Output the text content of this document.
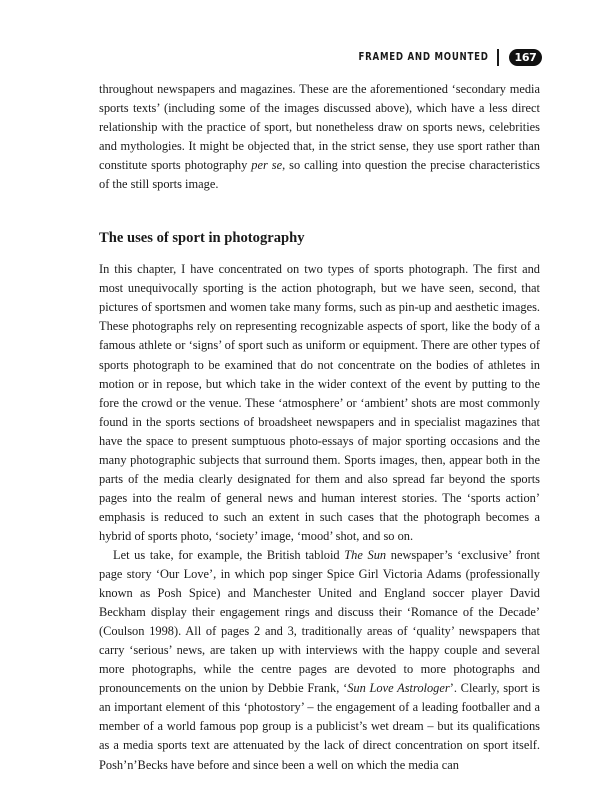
FRAMED AND MOUNTED	167

throughout newspapers and magazines. These are the aforementioned ‘secondary media sports texts’ (including some of the images discussed above), which have a less direct relationship with the practice of sport, but nonetheless draw on sports news, celebrities and mythologies. It might be objected that, in the strict sense, they use sport rather than constitute sports photography per se, so calling into question the precise characteristics of the still sports image.

The uses of sport in photography

In this chapter, I have concentrated on two types of sports photograph. The first and most unequivocally sporting is the action photograph, but we have seen, second, that pictures of sportsmen and women take many forms, such as pin-up and aesthetic images. These photographs rely on representing recognizable aspects of sport, like the body of a famous athlete or ‘signs’ of sport such as uniform or equipment. There are other types of sports photograph to be examined that do not concentrate on the bodies of athletes in motion or in repose, but which take in the wider context of the event by putting to the fore the crowd or the venue. These ‘atmosphere’ or ‘ambient’ shots are most commonly found in the sports sections of broadsheet newspapers and in specialist magazines that have the space to present sumptuous photo-essays of major sporting occasions and the many photographic subjects that surround them. Sports images, then, appear both in the parts of the media clearly designated for them and also spread far beyond the sports pages into the realm of general news and human interest stories. The ‘sports action’ emphasis is reduced to such an extent in such cases that the photograph becomes a hybrid of sports photo, ‘society’ image, ‘mood’ shot, and so on.

Let us take, for example, the British tabloid The Sun newspaper’s ‘exclusive’ front page story ‘Our Love’, in which pop singer Spice Girl Victoria Adams (professionally known as Posh Spice) and Manchester United and England soccer player David Beckham display their engagement rings and discuss their ‘Romance of the Decade’ (Coulson 1998). All of pages 2 and 3, traditionally areas of ‘quality’ newspapers that carry ‘serious’ news, are taken up with interviews with the happy couple and several more photographs, while the centre pages are devoted to more photographs and pronouncements on the union by Debbie Frank, ‘Sun Love Astrologer’. Clearly, sport is an important element of this ‘photostory’ – the engagement of a leading footballer and a member of a world famous pop group is a publicist’s wet dream – but its qualifications as a media sports text are attenuated by the lack of direct concentration on sport itself. Posh’n’Becks have before and since been a well on which the media can
